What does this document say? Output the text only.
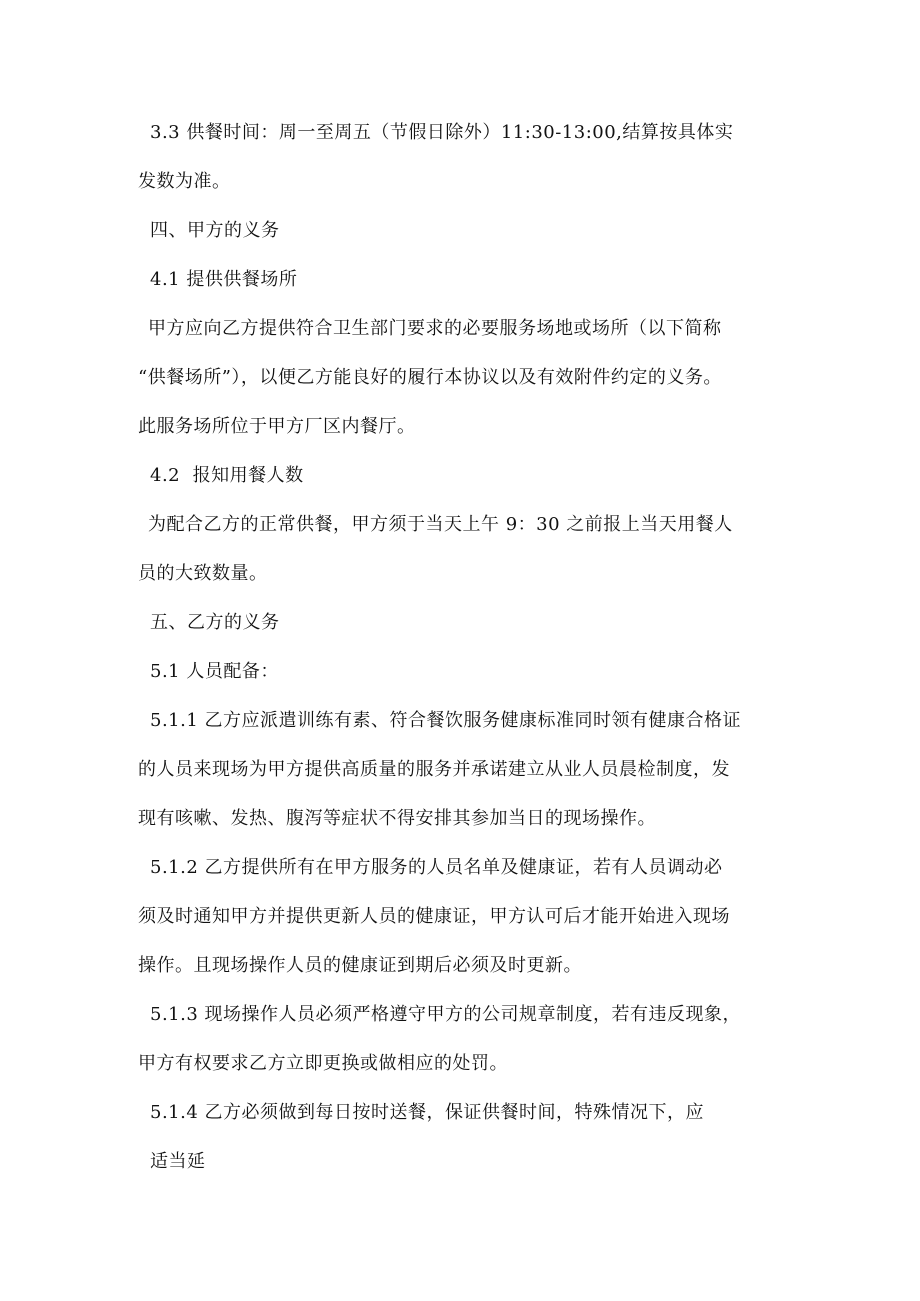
3.3 供餐时间：周一至周五（节假日除外）11:30-13:00,结算按具体实
发数为准。
四、甲方的义务
4.1 提供供餐场所
甲方应向乙方提供符合卫生部门要求的必要服务场地或场所（以下简称
“供餐场所”），以便乙方能良好的履行本协议以及有效附件约定的义务。
此服务场所位于甲方厂区内餐厅。
4.2  报知用餐人数
为配合乙方的正常供餐，甲方须于当天上午 9：30 之前报上当天用餐人
员的大致数量。
五、乙方的义务
5.1 人员配备：
5.1.1 乙方应派遣训练有素、符合餐饮服务健康标准同时领有健康合格证
的人员来现场为甲方提供高质量的服务并承诺建立从业人员晨检制度，发
现有咳嗽、发热、腹泻等症状不得安排其参加当日的现场操作。
5.1.2 乙方提供所有在甲方服务的人员名单及健康证，若有人员调动必
须及时通知甲方并提供更新人员的健康证，甲方认可后才能开始进入现场
操作。且现场操作人员的健康证到期后必须及时更新。
5.1.3 现场操作人员必须严格遵守甲方的公司规章制度，若有违反现象，
甲方有权要求乙方立即更换或做相应的处罚。
5.1.4 乙方必须做到每日按时送餐，保证供餐时间，特殊情况下，应
适当延
